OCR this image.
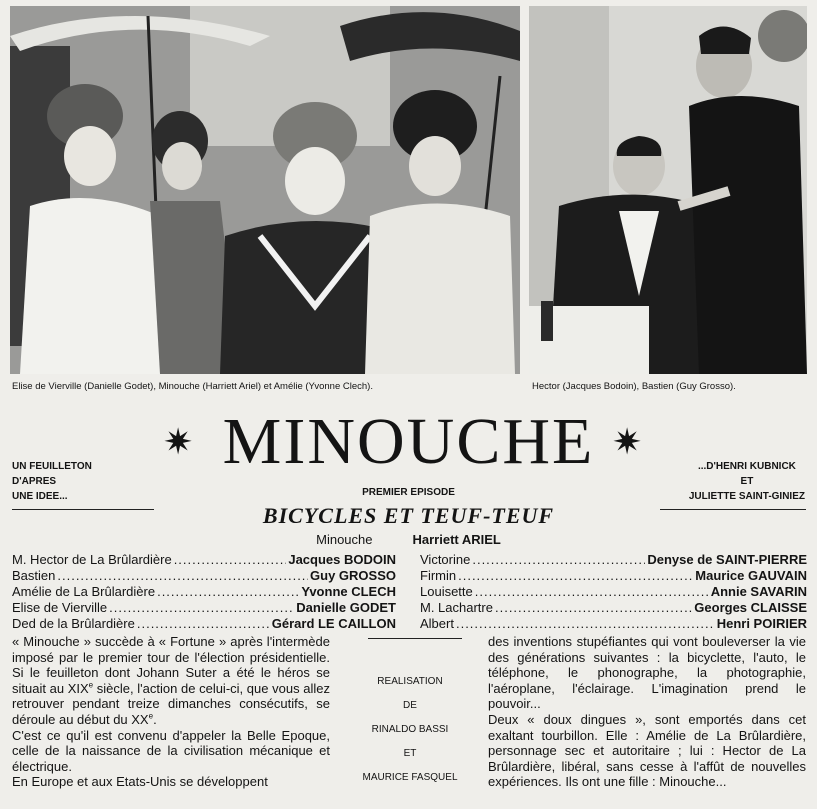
Elise de Vierville (Danielle Godet), Minouche (Harriett Ariel) et Amélie (Yvonne Clech).	Hector (Jacques Bodoin), Bastien (Guy Grosso).
✷ MINOUCHE ✷
UN FEUILLETON
D'APRES
UNE IDEE...
...D'HENRI KUBNICK
ET
JULIETTE SAINT-GINIEZ
PREMIER EPISODE
BICYCLES ET TEUF-TEUF
Minouche	Harriett ARIEL
M. Hector de La Brûlardière .....	Jacques BODOIN
Bastien .....	Guy GROSSO
Amélie de La Brûlardière .....	Yvonne CLECH
Elise de Vierville .....	Danielle GODET
Ded de la Brûlardière .....	Gérard LE CAILLON
Victorine .....	Denyse de SAINT-PIERRE
Firmin .....	Maurice GAUVAIN
Louisette .....	Annie SAVARIN
M. Lachartre .....	Georges CLAISSE
Albert .....	Henri POIRIER
« Minouche » succède à « Fortune » après l'intermède imposé par le premier tour de l'élection présidentielle. Si le feuilleton dont Johann Suter a été le héros se situait au XIXe siècle, l'action de celui-ci, que vous allez retrouver pendant treize dimanches consécutifs, se déroule au début du XXe.
C'est ce qu'il est convenu d'appeler la Belle Epoque, celle de la naissance de la civilisation mécanique et électrique.
En Europe et aux Etats-Unis se développent
REALISATION
DE
RINALDO BASSI
ET
MAURICE FASQUEL
des inventions stupéfiantes qui vont bouleverser la vie des générations suivantes : la bicyclette, l'auto, le téléphone, le phonographe, la photographie, l'aéroplane, l'éclairage. L'imagination prend le pouvoir...
Deux « doux dingues », sont emportés dans cet exaltant tourbillon. Elle : Amélie de La Brûlardière, personnage sec et autoritaire ; lui : Hector de La Brûlardière, libéral, sans cesse à l'affût de nouvelles expériences. Ils ont une fille : Minouche...
